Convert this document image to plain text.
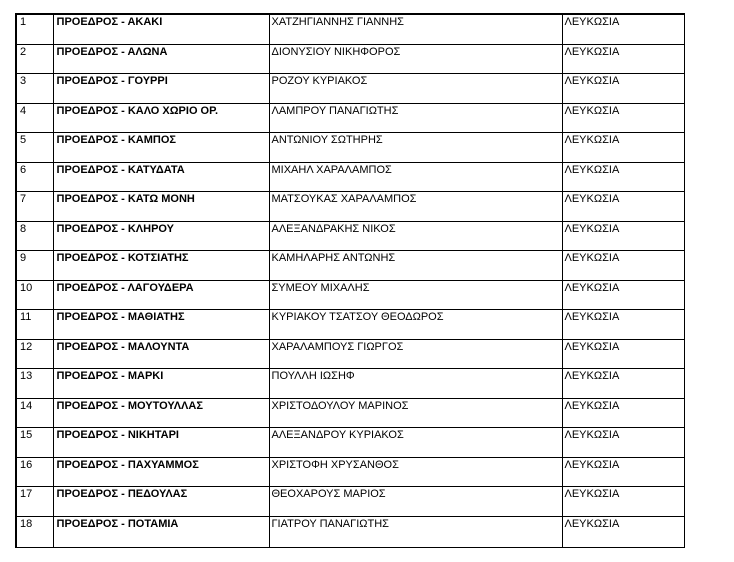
1	ΠΡΟΕΔΡΟΣ - ΑΚΑΚΙ	ΧΑΤΖΗΓΙΑΝΝΗΣ ΓΙΑΝΝΗΣ	ΛΕΥΚΩΣΙΑ
2	ΠΡΟΕΔΡΟΣ - ΑΛΩΝΑ	ΔΙΟΝΥΣΙΟΥ ΝΙΚΗΦΟΡΟΣ	ΛΕΥΚΩΣΙΑ
3	ΠΡΟΕΔΡΟΣ - ΓΟΥΡΡΙ	ΡΟΖΟΥ ΚΥΡΙΑΚΟΣ	ΛΕΥΚΩΣΙΑ
4	ΠΡΟΕΔΡΟΣ - ΚΑΛΟ ΧΩΡΙΟ ΟΡ.	ΛΑΜΠΡΟΥ ΠΑΝΑΓΙΩΤΗΣ	ΛΕΥΚΩΣΙΑ
5	ΠΡΟΕΔΡΟΣ - ΚΑΜΠΟΣ	ΑΝΤΩΝΙΟΥ ΣΩΤΗΡΗΣ	ΛΕΥΚΩΣΙΑ
6	ΠΡΟΕΔΡΟΣ - ΚΑΤΥΔΑΤΑ	ΜΙΧΑΗΛ ΧΑΡΑΛΑΜΠΟΣ	ΛΕΥΚΩΣΙΑ
7	ΠΡΟΕΔΡΟΣ - ΚΑΤΩ ΜΟΝΗ	ΜΑΤΣΟΥΚΑΣ ΧΑΡΑΛΑΜΠΟΣ	ΛΕΥΚΩΣΙΑ
8	ΠΡΟΕΔΡΟΣ - ΚΛΗΡΟΥ	ΑΛΕΞΑΝΔΡΑΚΗΣ ΝΙΚΟΣ	ΛΕΥΚΩΣΙΑ
9	ΠΡΟΕΔΡΟΣ - ΚΟΤΣΙΑΤΗΣ	ΚΑΜΗΛΑΡΗΣ ΑΝΤΩΝΗΣ	ΛΕΥΚΩΣΙΑ
10	ΠΡΟΕΔΡΟΣ - ΛΑΓΟΥΔΕΡΑ	ΣΥΜΕΟΥ ΜΙΧΑΛΗΣ	ΛΕΥΚΩΣΙΑ
11	ΠΡΟΕΔΡΟΣ - ΜΑΘΙΑΤΗΣ	ΚΥΡΙΑΚΟΥ ΤΣΑΤΣΟΥ ΘΕΟΔΩΡΟΣ	ΛΕΥΚΩΣΙΑ
12	ΠΡΟΕΔΡΟΣ - ΜΑΛΟΥΝΤΑ	ΧΑΡΑΛΑΜΠΟΥΣ ΓΙΩΡΓΟΣ	ΛΕΥΚΩΣΙΑ
13	ΠΡΟΕΔΡΟΣ - ΜΑΡΚΙ	ΠΟΥΛΛΗ ΙΩΣΗΦ	ΛΕΥΚΩΣΙΑ
14	ΠΡΟΕΔΡΟΣ - ΜΟΥΤΟΥΛΛΑΣ	ΧΡΙΣΤΟΔΟΥΛΟΥ ΜΑΡΙΝΟΣ	ΛΕΥΚΩΣΙΑ
15	ΠΡΟΕΔΡΟΣ - ΝΙΚΗΤΑΡΙ	ΑΛΕΞΑΝΔΡΟΥ ΚΥΡΙΑΚΟΣ	ΛΕΥΚΩΣΙΑ
16	ΠΡΟΕΔΡΟΣ - ΠΑΧΥΑΜΜΟΣ	ΧΡΙΣΤΟΦΗ ΧΡΥΣΑΝΘΟΣ	ΛΕΥΚΩΣΙΑ
17	ΠΡΟΕΔΡΟΣ - ΠΕΔΟΥΛΑΣ	ΘΕΟΧΑΡΟΥΣ ΜΑΡΙΟΣ	ΛΕΥΚΩΣΙΑ
18	ΠΡΟΕΔΡΟΣ - ΠΟΤΑΜΙΑ	ΓΙΑΤΡΟΥ ΠΑΝΑΓΙΩΤΗΣ	ΛΕΥΚΩΣΙΑ
